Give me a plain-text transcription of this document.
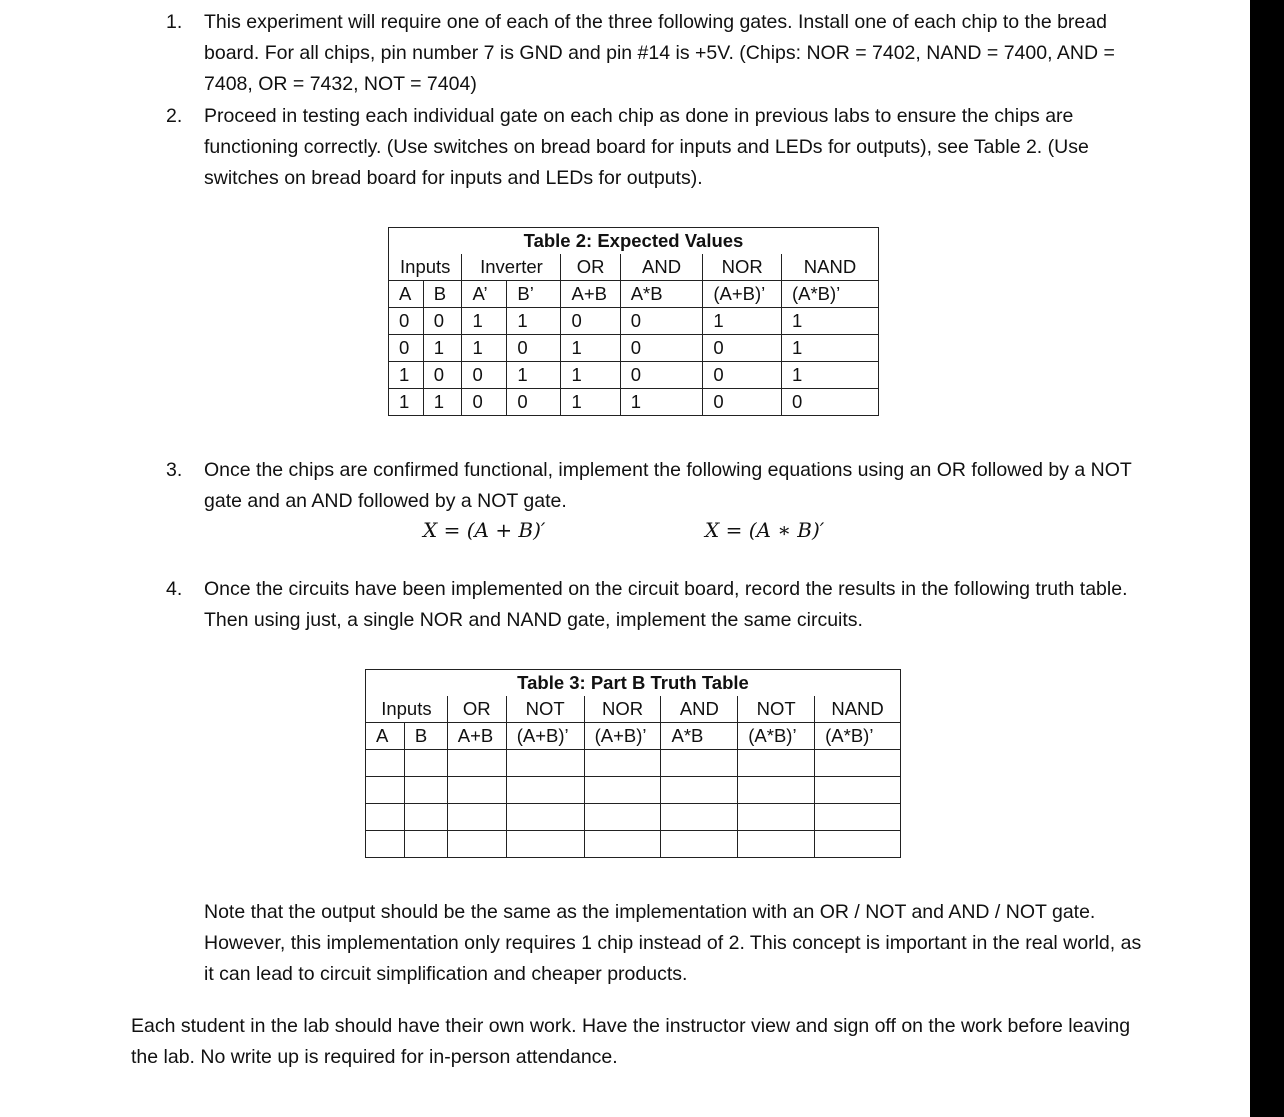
1. This experiment will require one of each of the three following gates. Install one of each chip to the bread board. For all chips, pin number 7 is GND and pin #14 is +5V. (Chips: NOR = 7402, NAND = 7400, AND = 7408, OR = 7432, NOT = 7404)
2. Proceed in testing each individual gate on each chip as done in previous labs to ensure the chips are functioning correctly. (Use switches on bread board for inputs and LEDs for outputs), see Table 2. (Use switches on bread board for inputs and LEDs for outputs).
Table 2: Expected Values							
Inputs		Inverter		OR	AND	NOR	NAND
A	B	A’	B’	A+B	A*B	(A+B)’	(A*B)’
0	0	1	1	0	0	1	1
0	1	1	0	1	0	0	1
1	0	0	1	1	0	0	1
1	1	0	0	1	1	0	0
3. Once the chips are confirmed functional, implement the following equations using an OR followed by a NOT gate and an AND followed by a NOT gate.
X = (A + B)′	X = (A ∗ B)′
4. Once the circuits have been implemented on the circuit board, record the results in the following truth table. Then using just, a single NOR and NAND gate, implement the same circuits.
Table 3: Part B Truth Table							
Inputs		OR	NOT	NOR	AND	NOT	NAND
A	B	A+B	(A+B)’	(A+B)’	A*B	(A*B)’	(A*B)’

Note that the output should be the same as the implementation with an OR / NOT and AND / NOT gate. However, this implementation only requires 1 chip instead of 2. This concept is important in the real world, as it can lead to circuit simplification and cheaper products.
Each student in the lab should have their own work. Have the instructor view and sign off on the work before leaving the lab. No write up is required for in-person attendance.
